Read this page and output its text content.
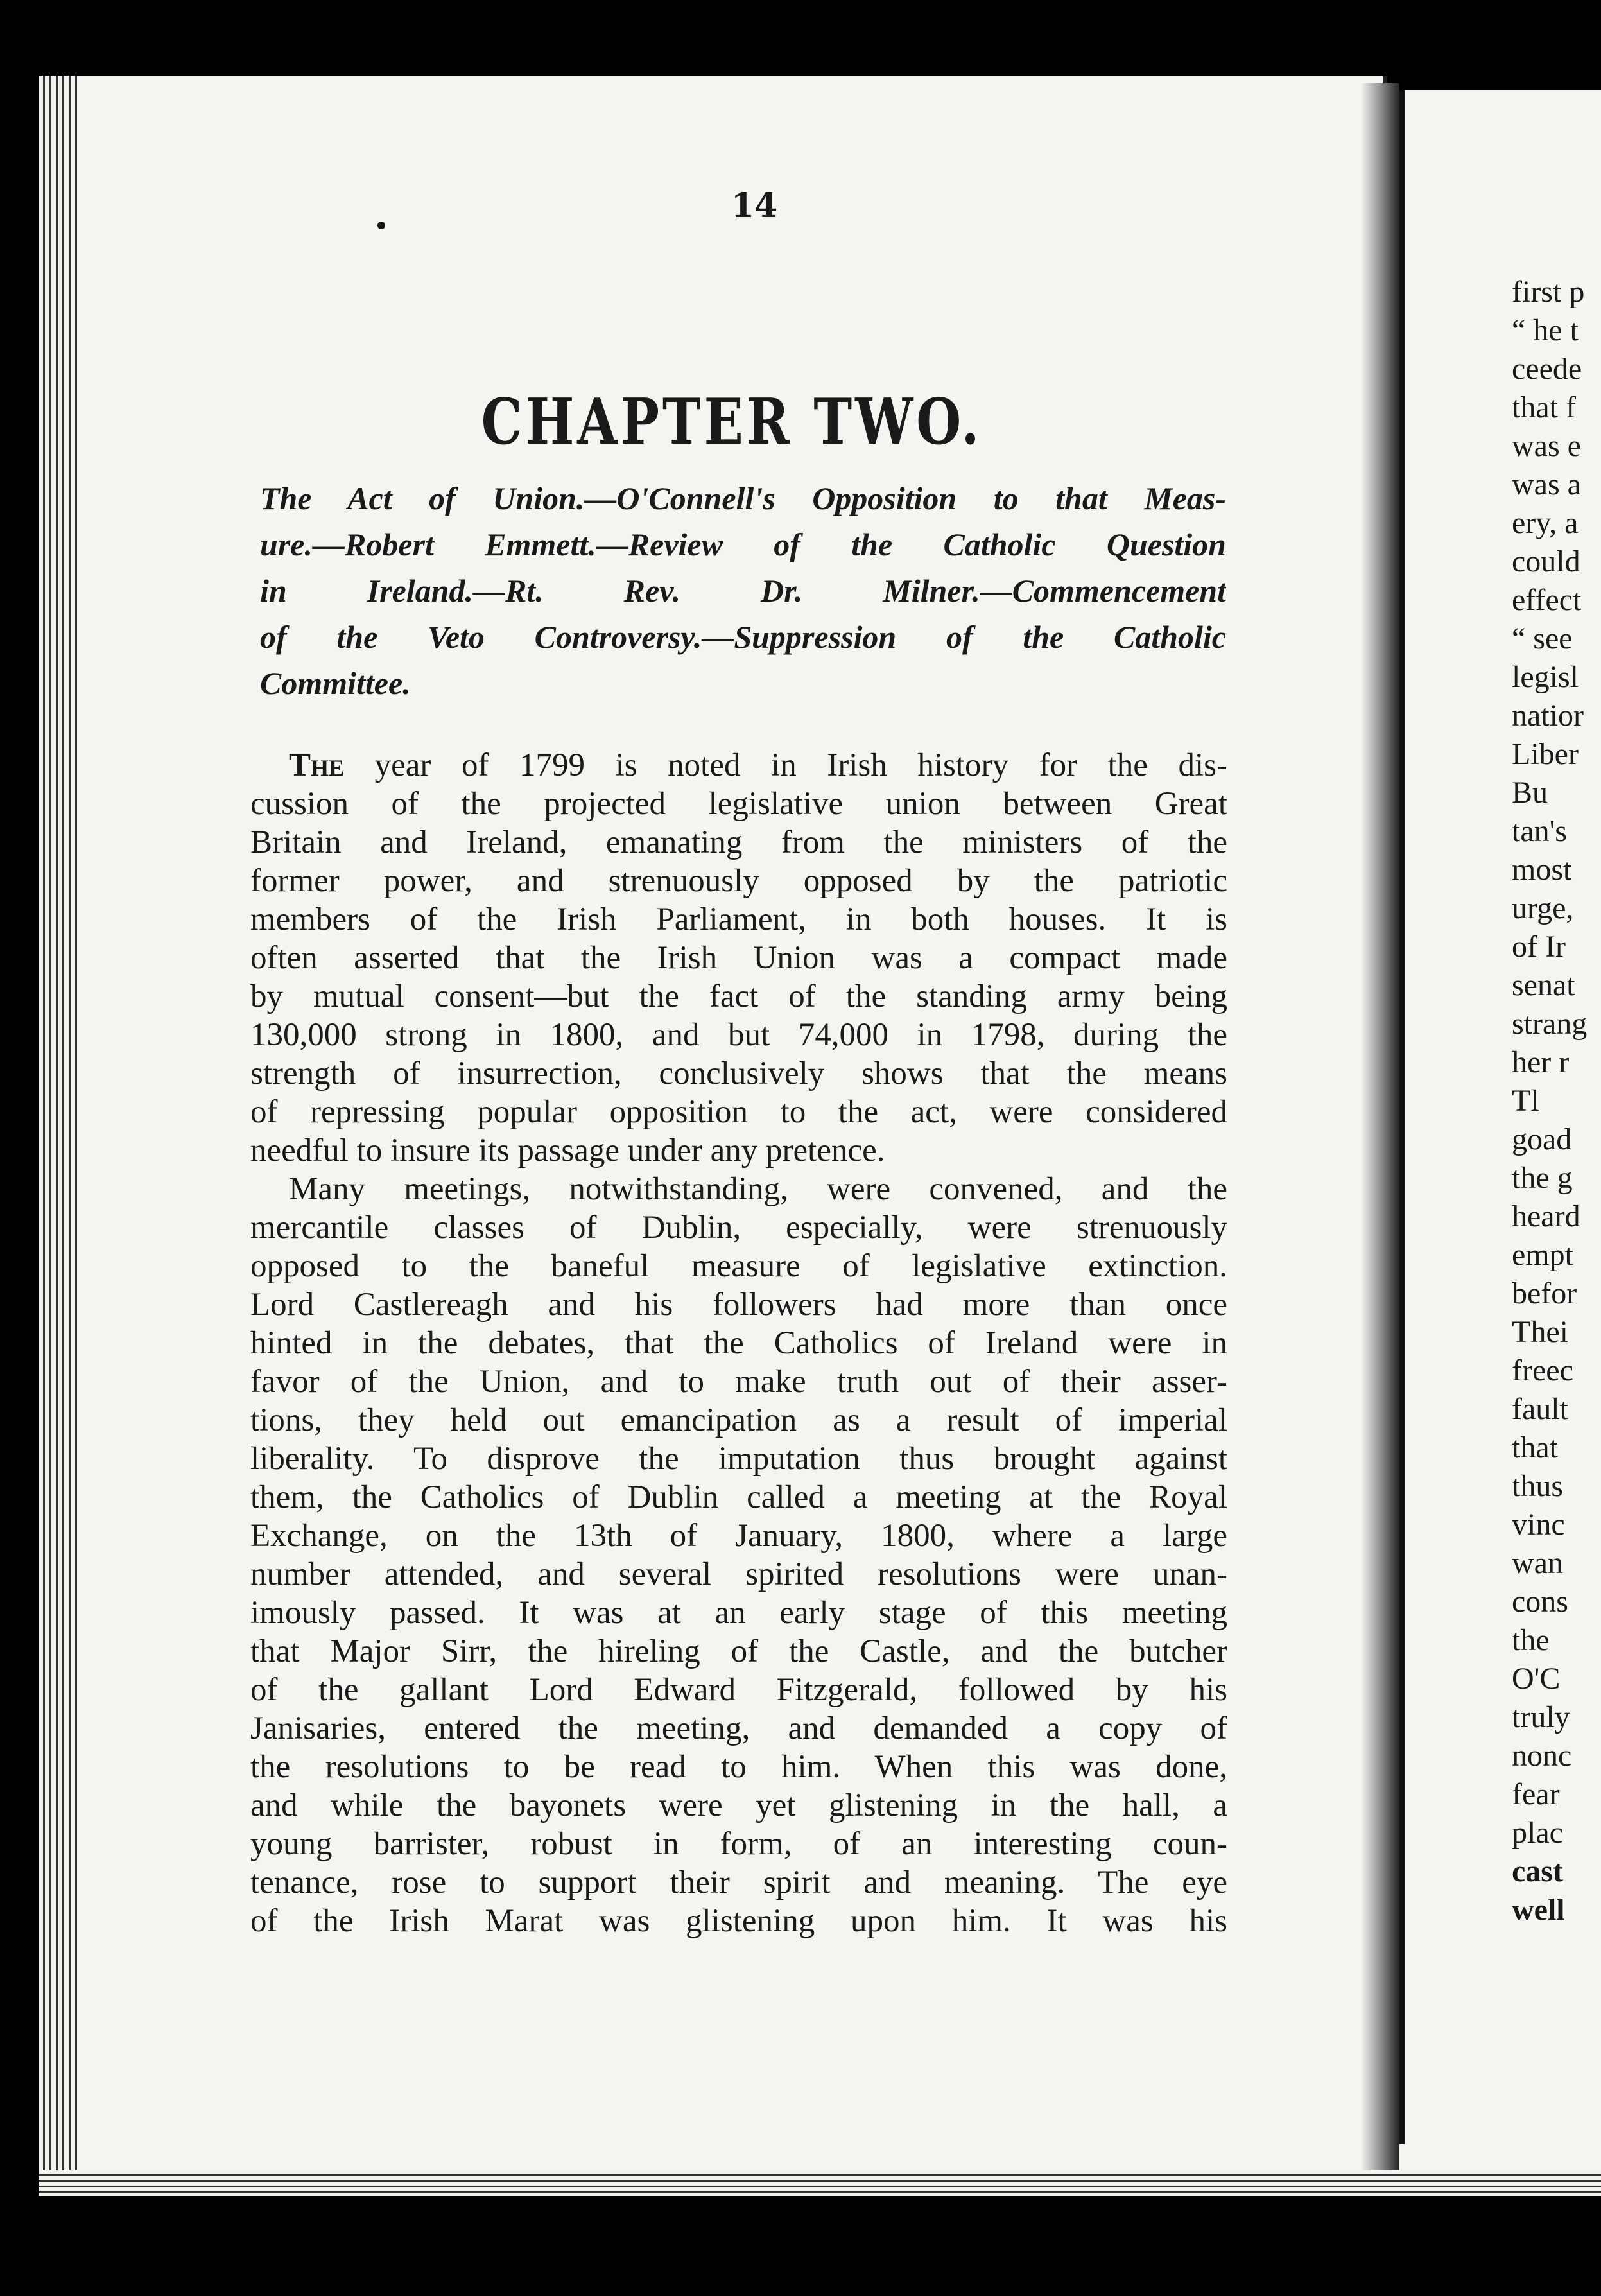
14
CHAPTER TWO.
The Act of Union.—O'Connell's Opposition to that Meas-
ure.—Robert Emmett.—Review of the Catholic Question
in Ireland.—Rt. Rev. Dr. Milner.—Commencement
of the Veto Controversy.—Suppression of the Catholic
Committee.
The year of 1799 is noted in Irish history for the dis-
cussion of the projected legislative union between Great
Britain and Ireland, emanating from the ministers of the
former power, and strenuously opposed by the patriotic
members of the Irish Parliament, in both houses. It is
often asserted that the Irish Union was a compact made
by mutual consent—but the fact of the standing army being
130,000 strong in 1800, and but 74,000 in 1798, during the
strength of insurrection, conclusively shows that the means
of repressing popular opposition to the act, were considered
needful to insure its passage under any pretence.
Many meetings, notwithstanding, were convened, and the
mercantile classes of Dublin, especially, were strenuously
opposed to the baneful measure of legislative extinction.
Lord Castlereagh and his followers had more than once
hinted in the debates, that the Catholics of Ireland were in
favor of the Union, and to make truth out of their asser-
tions, they held out emancipation as a result of imperial
liberality. To disprove the imputation thus brought against
them, the Catholics of Dublin called a meeting at the Royal
Exchange, on the 13th of January, 1800, where a large
number attended, and several spirited resolutions were unan-
imously passed. It was at an early stage of this meeting
that Major Sirr, the hireling of the Castle, and the butcher
of the gallant Lord Edward Fitzgerald, followed by his
Janisaries, entered the meeting, and demanded a copy of
the resolutions to be read to him. When this was done,
and while the bayonets were yet glistening in the hall, a
young barrister, robust in form, of an interesting coun-
tenance, rose to support their spirit and meaning. The eye
of the Irish Marat was glistening upon him. It was his
first p
“ he t
ceede
that f
was e
was a
ery, a
could
effect
“ see
legisl
natior
Liber
Bu
tan's
most
urge,
of Ir
senat
strang
her r
Tl
goad
the g
heard
empt
befor
Thei
freec
fault
that
thus
vinc
wan
cons
the
O'C
truly
nonc
fear
plac
cast
well
